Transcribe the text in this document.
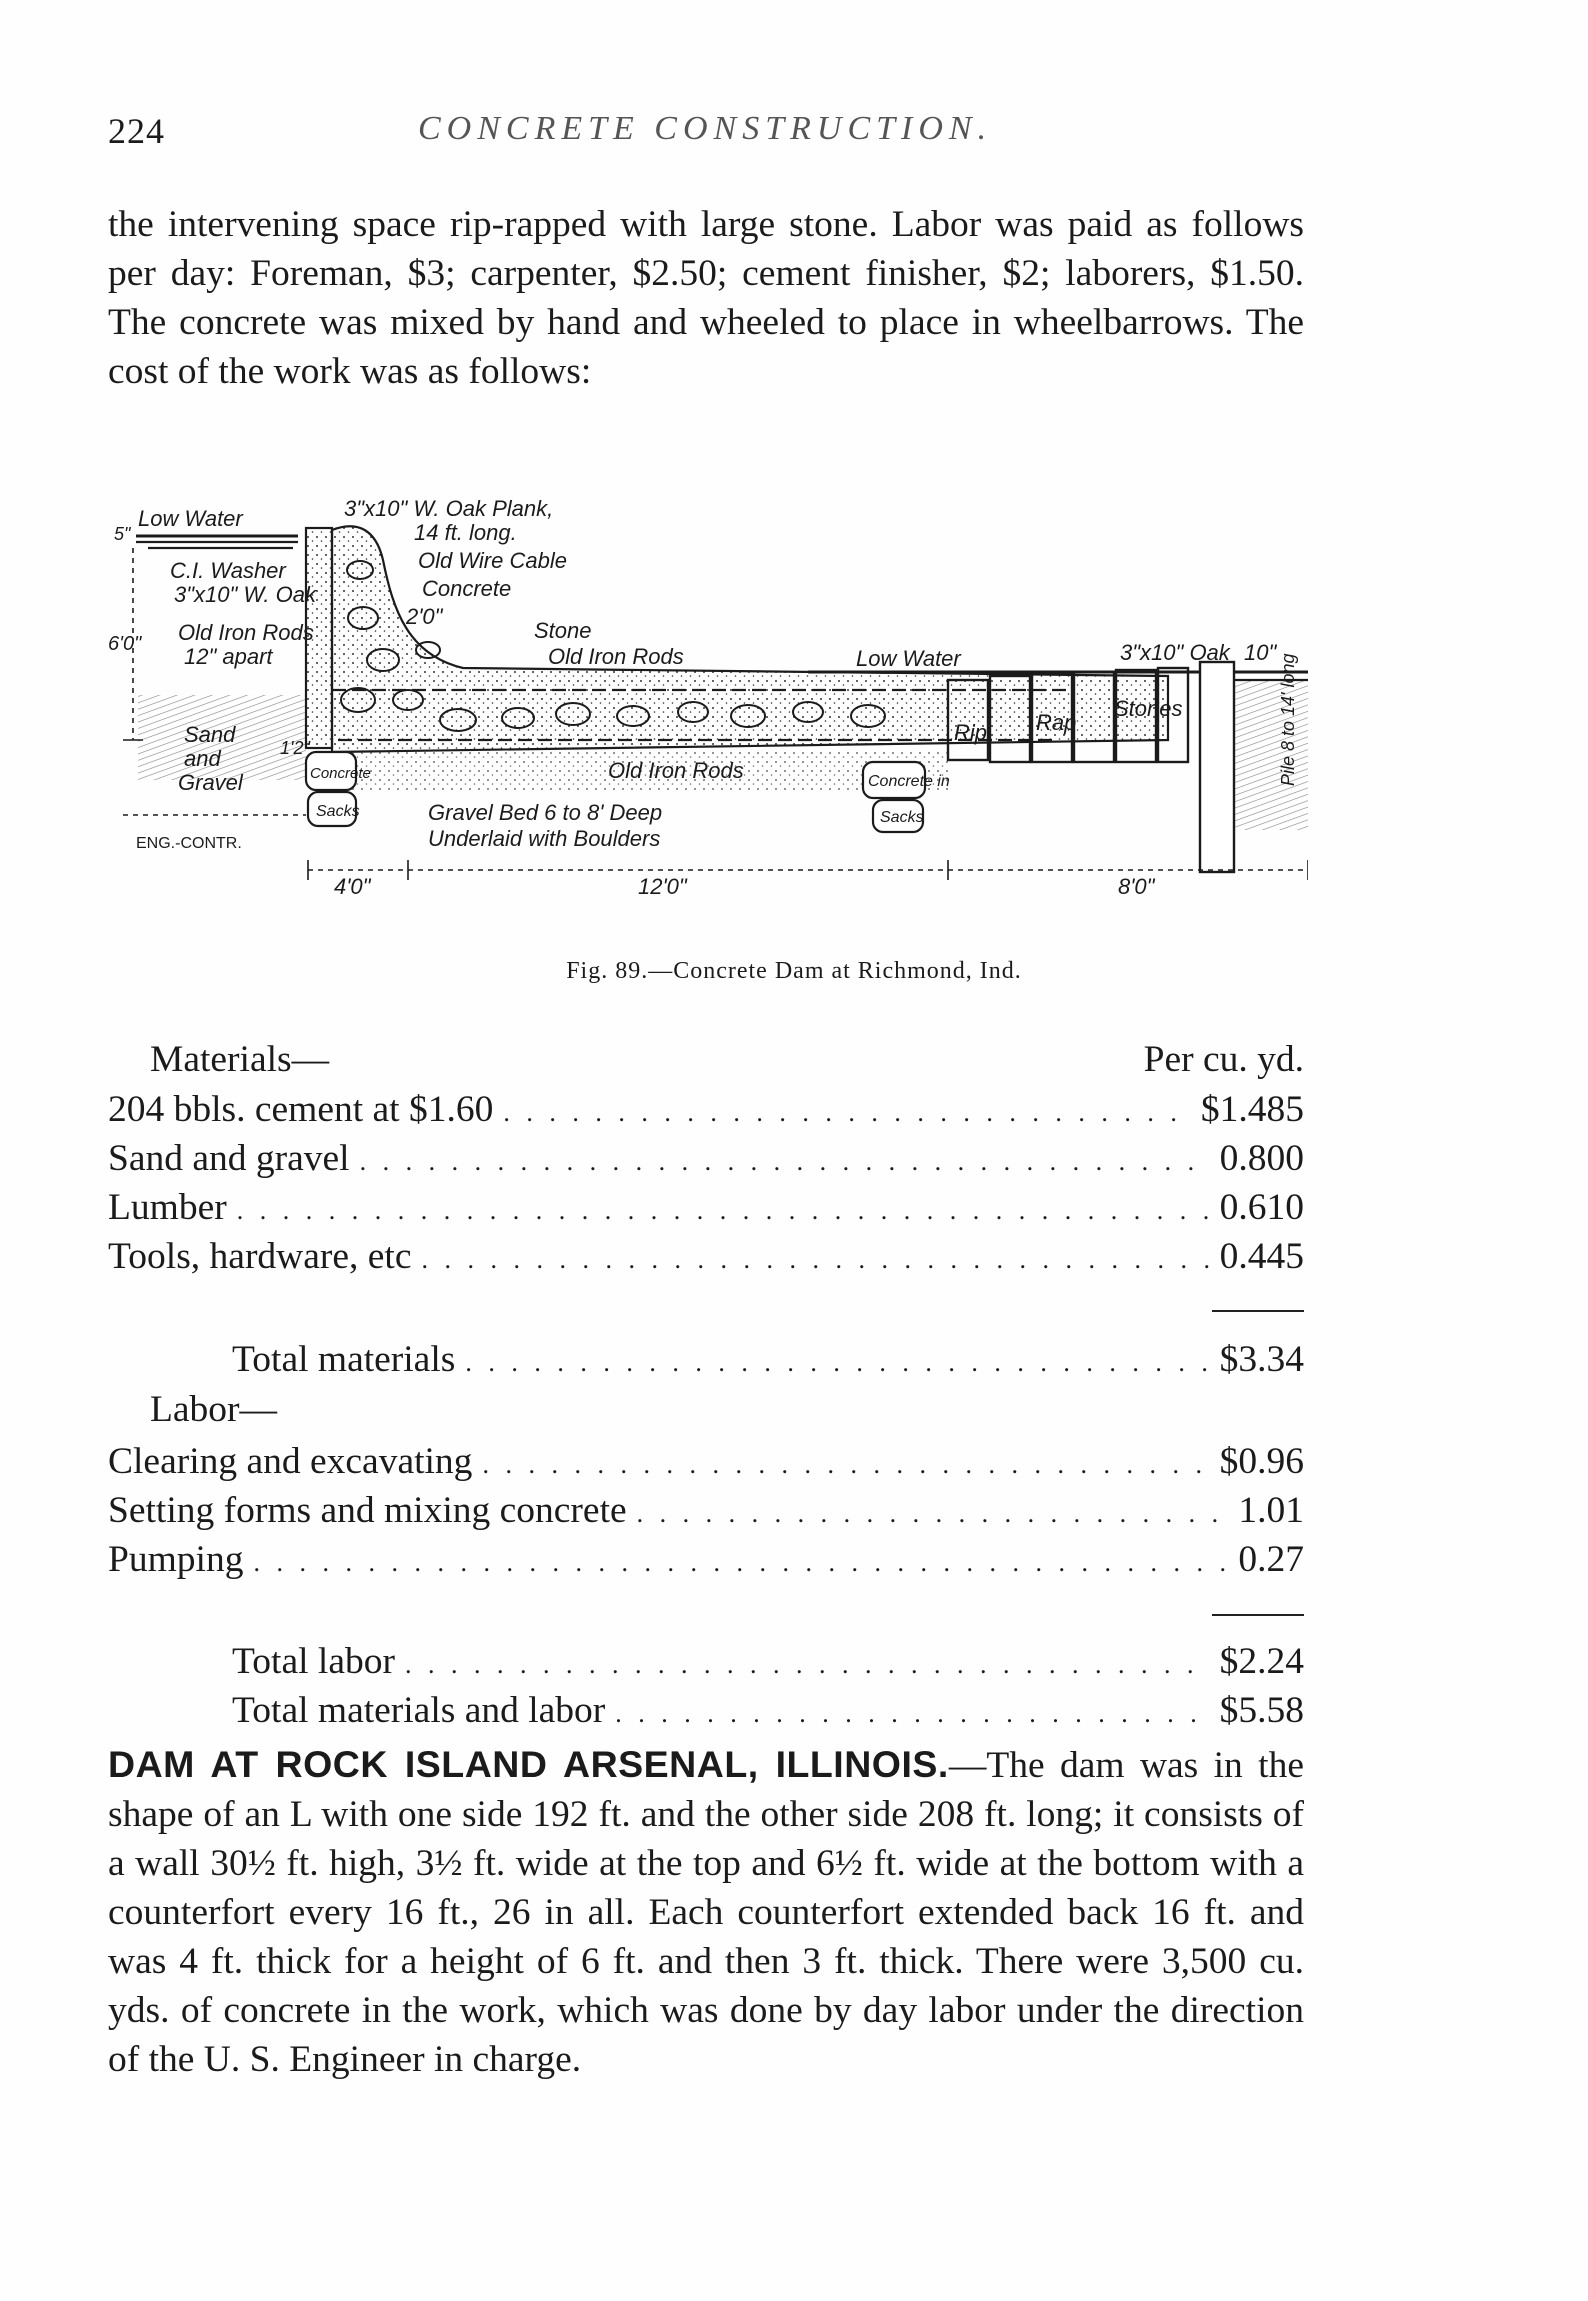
224	CONCRETE CONSTRUCTION.

the intervening space rip-rapped with large stone. Labor was paid as follows per day: Foreman, $3; carpenter, $2.50; cement finisher, $2; laborers, $1.50. The concrete was mixed by hand and wheeled to place in wheelbarrows. The cost of the work was as follows:

Low Water	3"x10" W. Oak Plank,
14 ft. long.
Old Wire Cable
Concrete
2'0"
C.I. Washer
3"x10" W. Oak
5"
Old Iron Rods
12" apart
6'0"
Stone
Old Iron Rods	Low Water	3"x10" Oak 10"
Sand
and
Gravel
1'2"
Rip Rap
Stones	Pile 8 to 14' long
Concrete
Sacks
Old Iron Rods	Concrete in
Sacks
Gravel Bed 6 to 8' Deep
Underlaid with Boulders
ENG.-CONTR.
4'0"	12'0"	8'0"
Fig. 89.—Concrete Dam at Richmond, Ind.
Materials—	Per cu. yd.
204 bbls. cement at $1.60 . . .	$1.485
Sand and gravel . . .	0.800
Lumber . . .	0.610
Tools, hardware, etc . . .	0.445
Total materials . . .	$3.34
Labor—
Clearing and excavating . . .	$0.96
Setting forms and mixing concrete . . .	1.01
Pumping . . .	0.27
Total labor . . .	$2.24
Total materials and labor . . .	$5.58

DAM AT ROCK ISLAND ARSENAL, ILLINOIS.—The dam was in the shape of an L with one side 192 ft. and the other side 208 ft. long; it consists of a wall 30½ ft. high, 3½ ft. wide at the top and 6½ ft. wide at the bottom with a counterfort every 16 ft., 26 in all. Each counterfort extended back 16 ft. and was 4 ft. thick for a height of 6 ft. and then 3 ft. thick. There were 3,500 cu. yds. of concrete in the work, which was done by day labor under the direction of the U. S. Engineer in charge.
